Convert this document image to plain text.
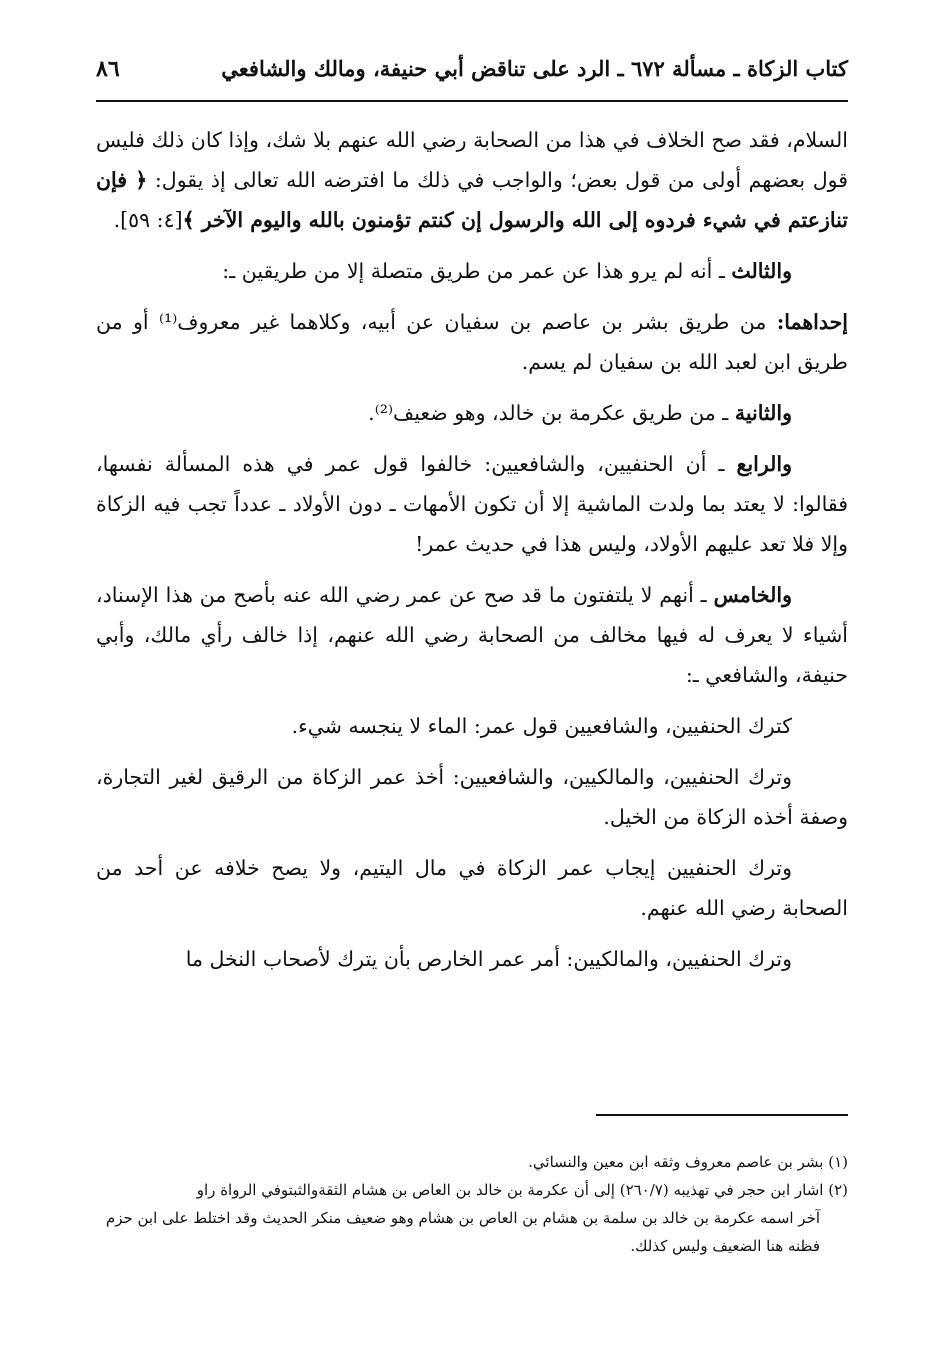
كتاب الزكاة ـ مسألة ٦٧٢ ـ الرد على تناقض أبي حنيفة، ومالك والشافعي
٨٦

السلام، فقد صح الخلاف في هذا من الصحابة رضي الله عنهم بلا شك، وإذا كان ذلك فليس قول بعضهم أولى من قول بعض؛ والواجب في ذلك ما افترضه الله تعالى إذ يقول: ﴿ فإن تنازعتم في شيء فردوه إلى الله والرسول إن كنتم تؤمنون بالله واليوم الآخر ﴾[٤: ٥٩].

والثالث ـ أنه لم يرو هذا عن عمر من طريق متصلة إلا من طريقين ـ:

إحداهما: من طريق بشر بن عاصم بن سفيان عن أبيه، وكلاهما غير معروف⁽¹⁾ أو من طريق ابن لعبد الله بن سفيان لم يسم.

والثانية ـ من طريق عكرمة بن خالد، وهو ضعيف⁽²⁾.

والرابع ـ أن الحنفيين، والشافعيين: خالفوا قول عمر في هذه المسألة نفسها، فقالوا: لا يعتد بما ولدت الماشية إلا أن تكون الأمهات ـ دون الأولاد ـ عدداً تجب فيه الزكاة وإلا فلا تعد عليهم الأولاد، وليس هذا في حديث عمر!

والخامس ـ أنهم لا يلتفتون ما قد صح عن عمر رضي الله عنه بأصح من هذا الإسناد، أشياء لا يعرف له فيها مخالف من الصحابة رضي الله عنهم، إذا خالف رأي مالك، وأبي حنيفة، والشافعي ـ:

كترك الحنفيين، والشافعيين قول عمر: الماء لا ينجسه شيء.

وترك الحنفيين، والمالكيين، والشافعيين: أخذ عمر الزكاة من الرقيق لغير التجارة، وصفة أخذه الزكاة من الخيل.

وترك الحنفيين إيجاب عمر الزكاة في مال اليتيم، ولا يصح خلافه عن أحد من الصحابة رضي الله عنهم.

وترك الحنفيين، والمالكيين: أمر عمر الخارص بأن يترك لأصحاب النخل ما

(١) بشر بن عاصم معروف وثقه ابن معين والنسائي.

(٢) اشار ابن حجر في تهذيبه (٢٦٠/٧) إلى أن عكرمة بن خالد بن العاص بن هشام الثقةوالثبتوفي الرواة راو

آخر اسمه عكرمة بن خالد بن سلمة بن هشام بن العاص بن هشام وهو ضعيف منكر الحديث وقد اختلط على ابن حزم

فظنه هنا الضعيف وليس كذلك.
